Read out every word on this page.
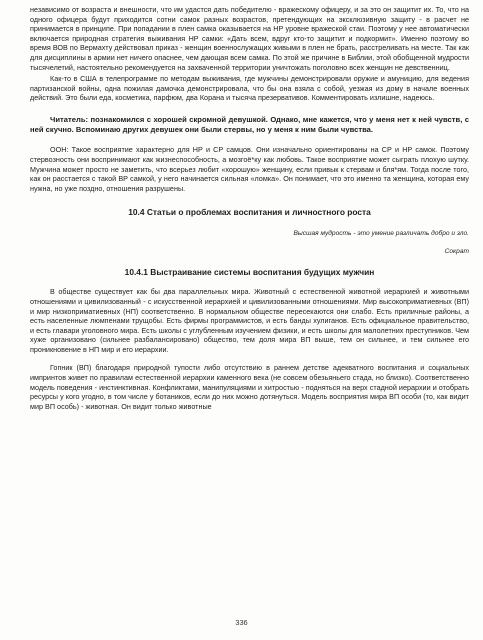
независимо от возраста и внешности, что им удастся дать победителю - вражескому офицеру, и за это он защитит их. То, что на одного офицера будут приходится сотни самок разных возрастов, претендующих на эксклюзивную защиту - в расчет не принимается в принципе. При попадании в плен самка оказывается на НР уровне вражеской стаи. Поэтому у нее автоматически включается природная стратегия выживания НР самки: «Дать всем, вдруг кто-то защитит и подкормит». Именно поэтому во время ВОВ по Вермахту действовал приказ - женщин военнослужащих живыми в плен не брать, расстреливать на месте. Так как для дисциплины в армии нет ничего опаснее, чем дающая всем самка. По этой же причине в Библии, этой обобщенной мудрости тысячелетий, настоятельно рекомендуется на захваченной территории уничтожать поголовно всех женщин не девственниц.

Как-то в США в телепрограмме по методам выживания, где мужчины демонстрировали оружие и амуницию, для ведения партизанской войны, одна пожилая дамочка демонстрировала, что бы она взяла с собой, уезжая из дому в начале военных действий. Это были еда, косметика, парфюм, два Корана и тысяча презервативов. Комментировать излишне, надеюсь.

Читатель: познакомился с хорошей скромной девушкой. Однако, мне кажется, что у меня нет к ней чувств, с ней скучно. Вспоминаю других девушек они были стервы, но у меня к ним были чувства.

ООН: Такое восприятие характерно для НР и СР самцов. Они изначально ориентированы на СР и НР самок. Поэтому стервозность они воспринимают как жизнеспособность, а мозгоё*ку как любовь. Такое восприятие может сыграть плохую шутку. Мужчина может просто не заметить, что всерьез любит «хорошую» женщину, если привык к стервам и бля*ям. Тогда после того, как он расстается с такой ВР самкой, у него начинается сильная «ломка». Он понимает, что это именно та женщина, которая ему нужна, но уже поздно, отношения разрушены.

10.4 Статьи о проблемах воспитания и личностного роста
Высшая мудрость - это умение различать добро и зло.
Сократ
10.4.1 Выстраивание системы воспитания будущих мужчин

В обществе существует как бы два параллельных мира. Животный с естественной животной иерархией и животными отношениями и цивилизованный - с искусственной иерархией и цивилизованными отношениями. Мир высокоприматиевных (ВП) и мир низкоприматиевных (НП) соответственно. В нормальном обществе пересекаются они слабо. Есть приличные районы, а есть населенные люмпенами трущобы. Есть фирмы программистов, и есть банды хулиганов. Есть официальное правительство, и есть главари уголовного мира. Есть школы с углубленным изучением физики, и есть школы для малолетних преступников. Чем хуже организовано (сильнее разбалансировано) общество, тем доля мира ВП выше, тем он сильнее, и тем сильнее его проникновение в НП мир и его иерархии.

Гопник (ВП) благодаря природной тупости либо отсутствию в раннем детстве адекватного воспитания и социальных импринтов живет по правилам естественной иерархии каменного века (не совсем обезьяньего стада, но близко). Соответственно модель поведения - инстинктивная. Конфликтами, манипуляциями и хитростью - подняться на верх стадной иерархии и отобрать ресурсы у кого угодно, в том числе у ботаников, если до них можно дотянуться. Модель восприятия мира ВП особи (то, как видит мир ВП особь) - животная. Он видит только животные

336
